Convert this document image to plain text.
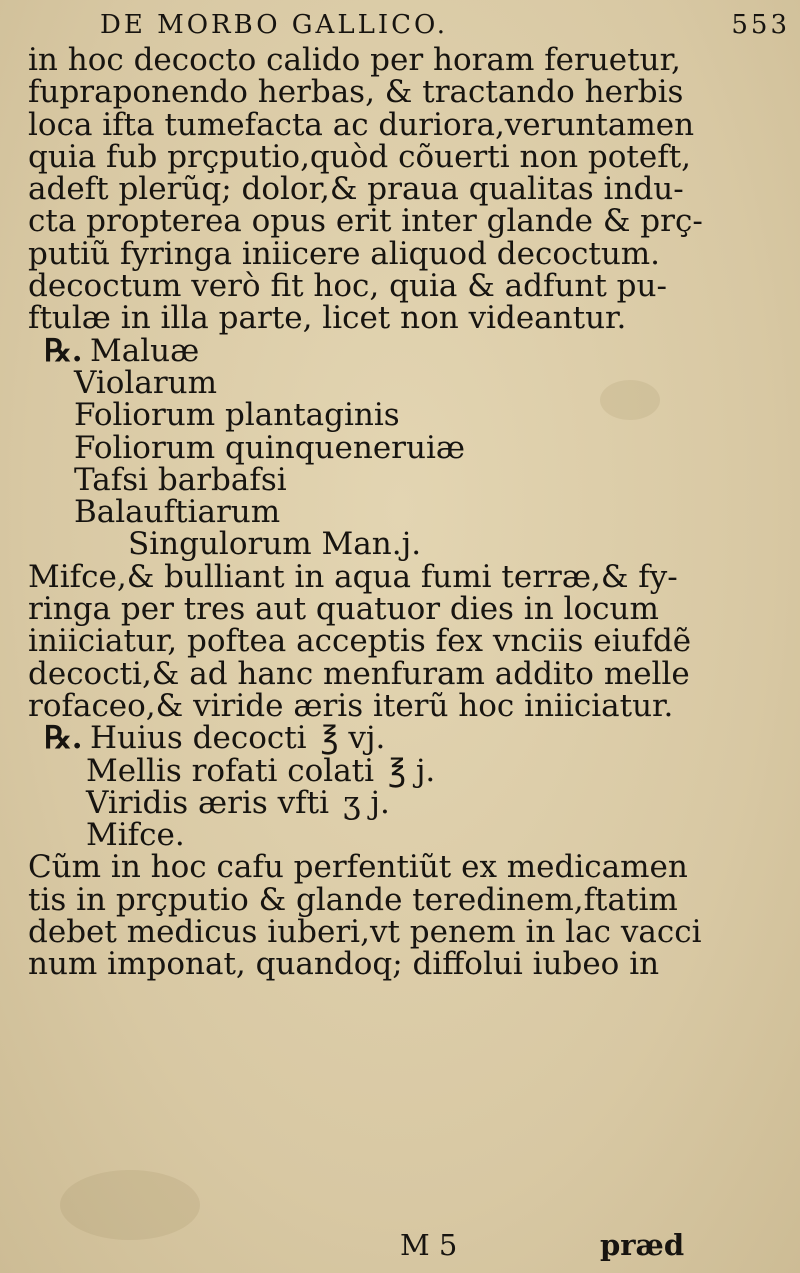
DE MORBO GALLICO.	553
in hoc decocto calido per horam feruetur,
fupraponendo herbas, & tractando herbis
loca ifta tumefacta ac duriora,veruntamen
quia fub prçputio,quòd cõuerti non poteft,
adeft plerũq; dolor,& praua qualitas indu-
cta propterea opus erit inter glande & prç-
putiũ fyringa iniicere aliquod decoctum.
decoctum verò fit hoc, quia & adfunt pu-
ftulæ in illa parte, licet non videantur.
℞. Maluæ
Violarum
Foliorum plantaginis
Foliorum quinqueneruiæ
Tafsi barbafsi
Balauftiarum
Singulorum Man.j.
Mifce,& bulliant in aqua fumi terræ,& fy-
ringa per tres aut quatuor dies in locum
iniiciatur, poftea acceptis fex vnciis eiufdẽ
decocti,& ad hanc menfuram addito melle
rofaceo,& viride æris iterũ hoc iniiciatur.
℞. Huius decocti ℥ vj.
Mellis rofati colati ℥ j.
Viridis æris vfti ʒ j.
Mifce.
Cũm in hoc cafu perfentiũt ex medicamen
tis in prçputio & glande teredinem,ftatim
debet medicus iuberi,vt penem in lac vacci
num imponat, quandoq; diffolui iubeo in
M 5	præd
